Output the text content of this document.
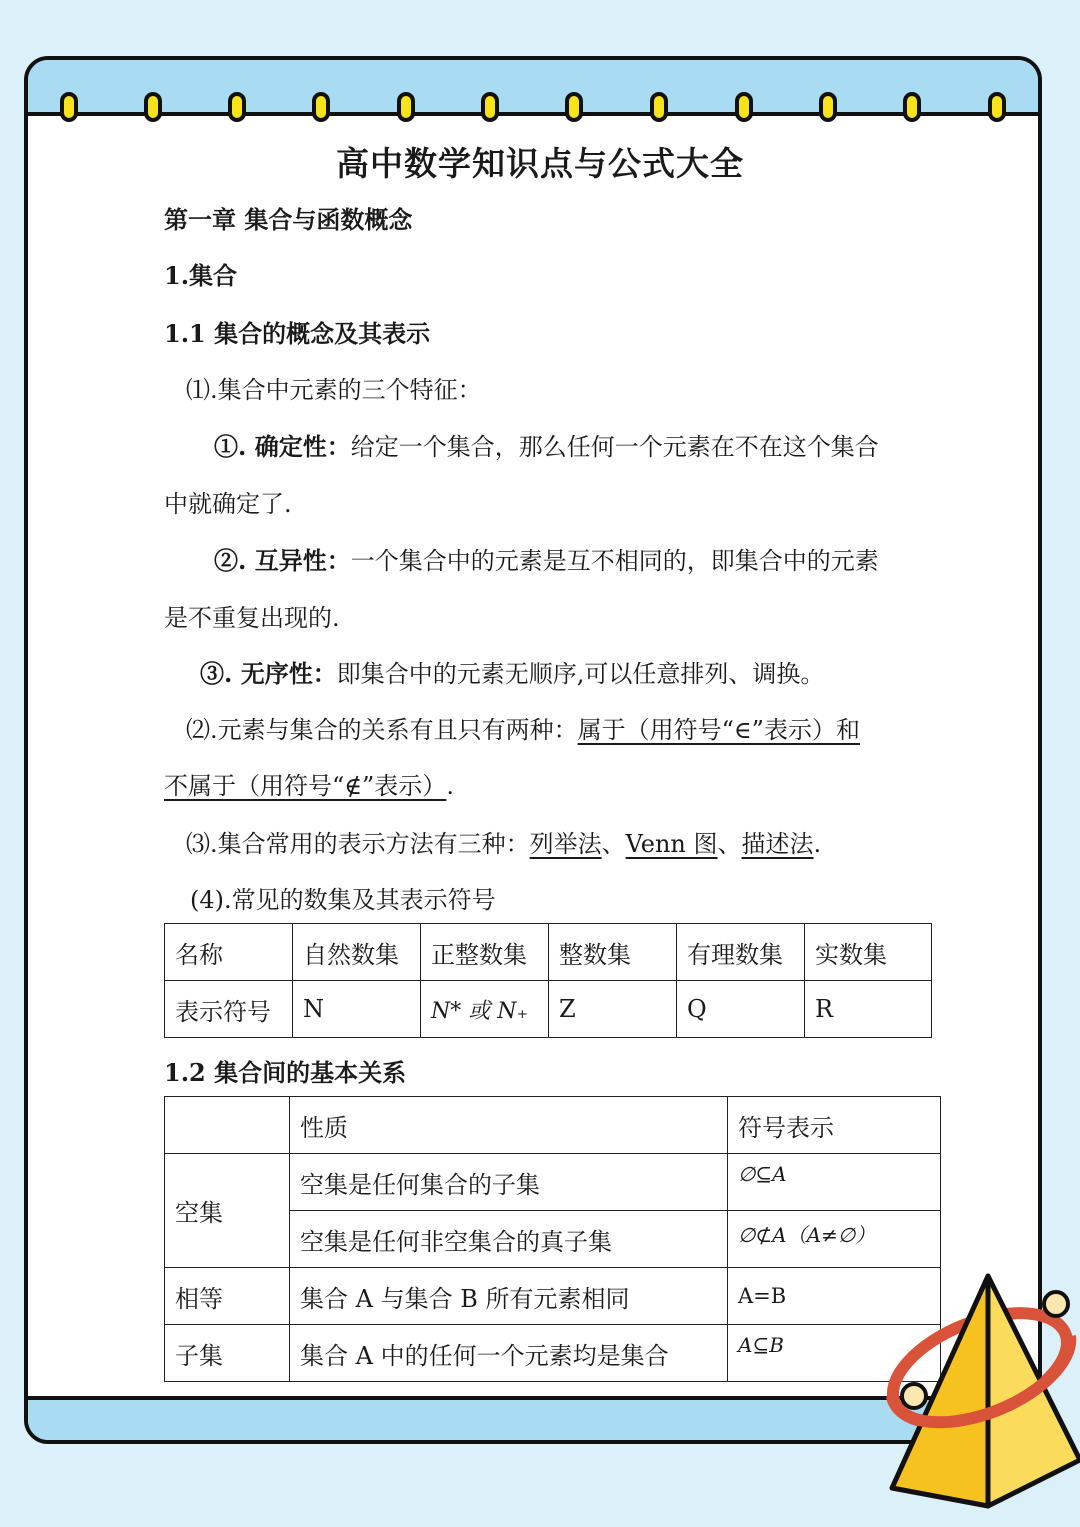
高中数学知识点与公式大全
第一章 集合与函数概念
1.集合
1.1 集合的概念及其表示
⑴.集合中元素的三个特征：
①. 确定性：给定一个集合，那么任何一个元素在不在这个集合
中就确定了.
②. 互异性：一个集合中的元素是互不相同的，即集合中的元素
是不重复出现的.
③. 无序性：即集合中的元素无顺序,可以任意排列、调换。
⑵.元素与集合的关系有且只有两种：属于（用符号“∈”表示）和
不属于（用符号“∉”表示）.
⑶.集合常用的表示方法有三种：列举法、Venn 图、描述法.
(4).常见的数集及其表示符号
名称	自然数集	正整数集	整数集	有理数集	实数集
表示符号	N	N* 或 N₊	Z	Q	R
1.2 集合间的基本关系
	性质	符号表示
空集	空集是任何集合的子集	∅⊆A
	空集是任何非空集合的真子集	∅⊄A（A≠∅）
相等	集合 A 与集合 B 所有元素相同	A=B
子集	集合 A 中的任何一个元素均是集合	A⊆B
